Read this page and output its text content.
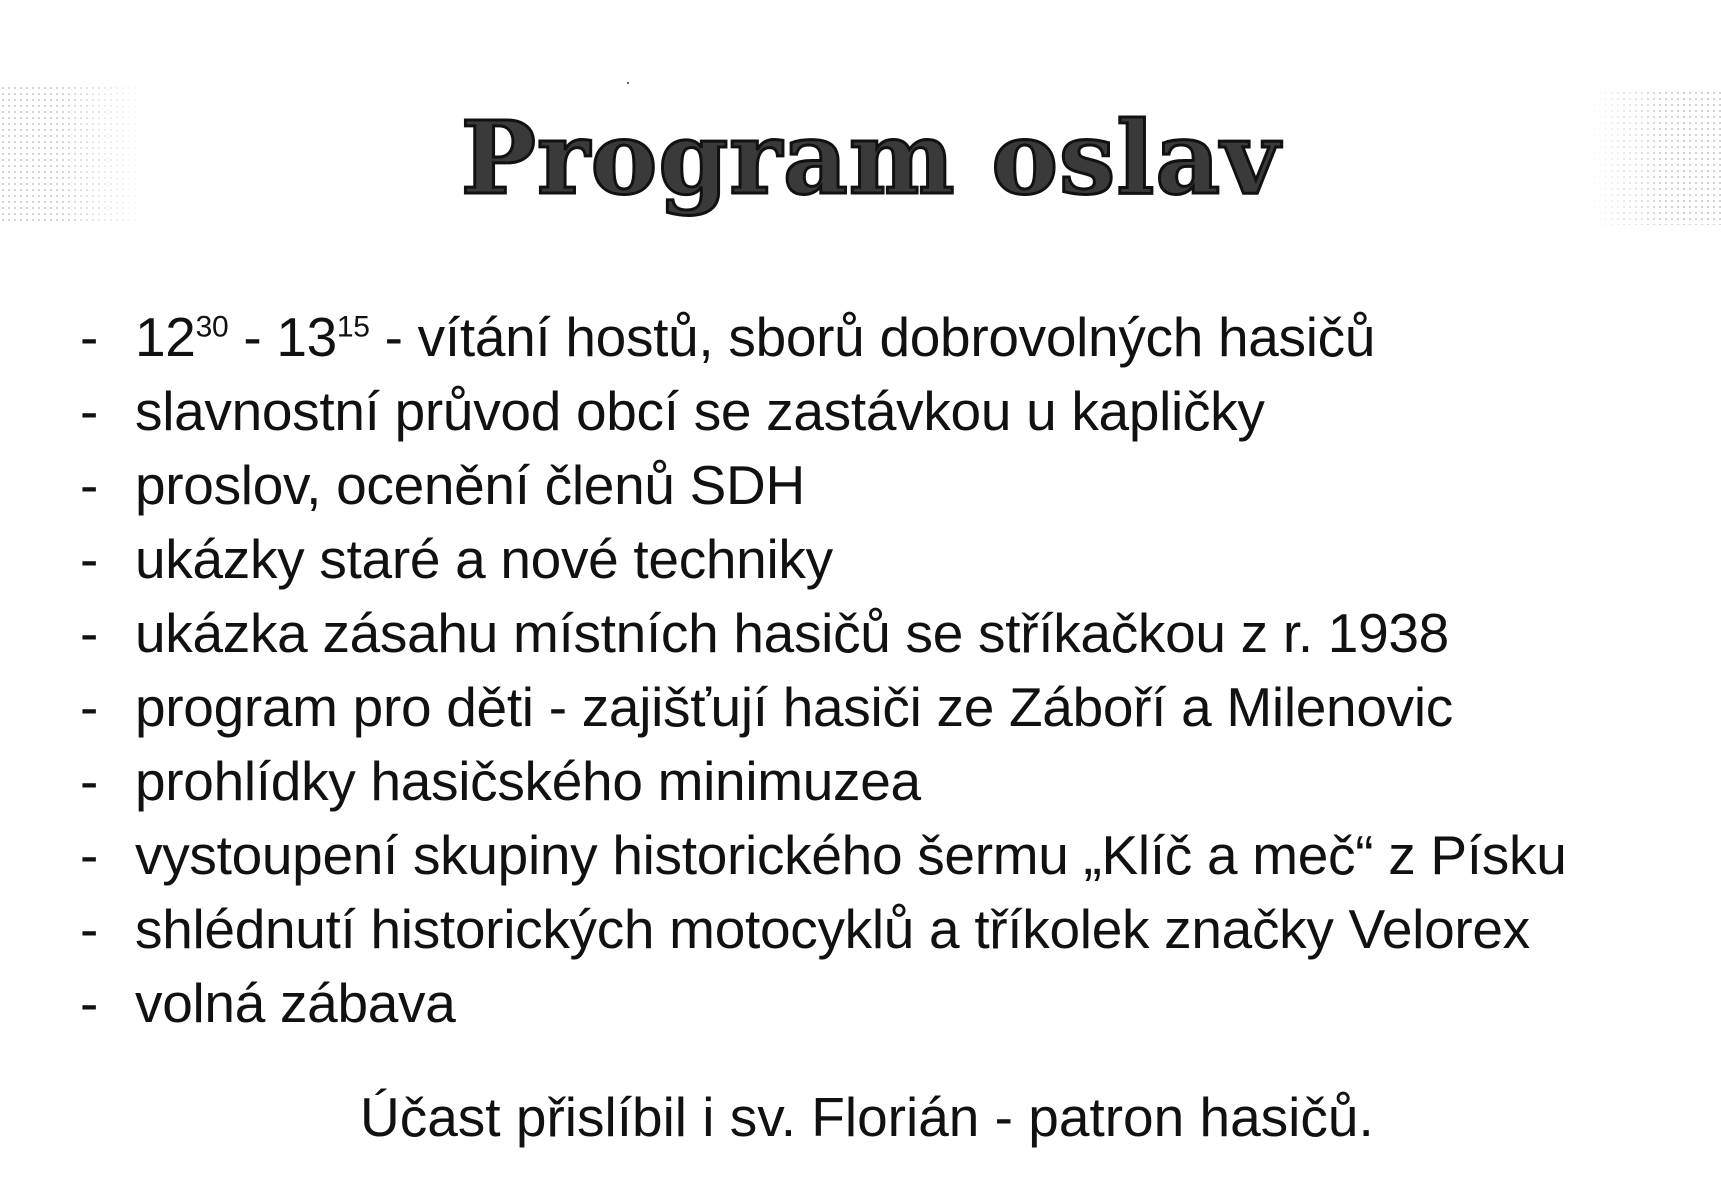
Program oslav
- $12^{30} - 13^{15}$ - vítání hostů, sborů dobrovolných hasičů
- slavnostní průvod obcí se zastávkou u kapličky
- proslov, ocenění členů SDH
- ukázky staré a nové techniky
- ukázka zásahu místních hasičů se stříkačkou z r. 1938
- program pro děti - zajišťují hasiči ze Záboří a Milenovic
- prohlídky hasičského minimuzea
- vystoupení skupiny historického šermu „Klíč a meč“ z Písku
- shlédnutí historických motocyklů a tříkolek značky Velorex
- volná zábava

Účast přislíbil i sv. Florián - patron hasičů.
